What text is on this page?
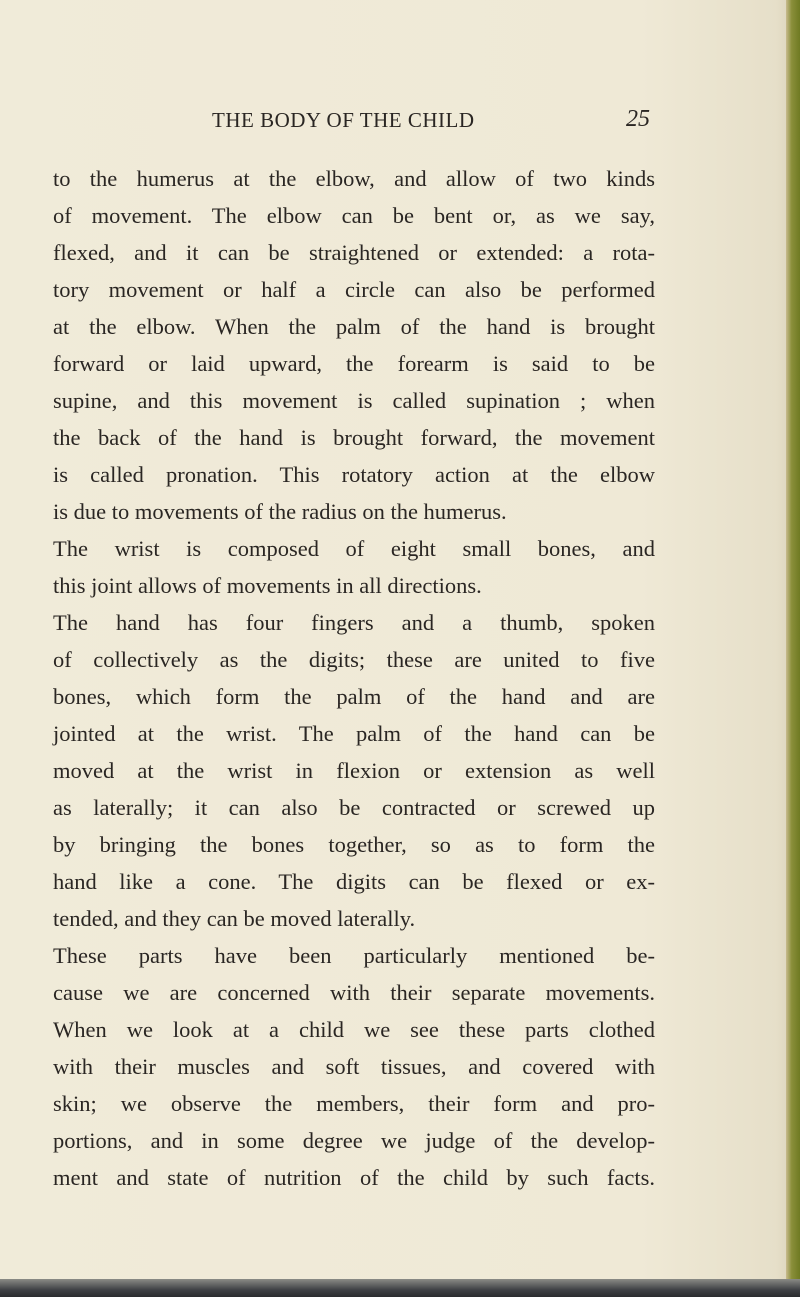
THE BODY OF THE CHILD	25
to the humerus at the elbow, and allow of two kinds
of movement. The elbow can be bent or, as we say,
flexed, and it can be straightened or extended: a rota-
tory movement or half a circle can also be performed
at the elbow. When the palm of the hand is brought
forward or laid upward, the forearm is said to be
supine, and this movement is called supination ; when
the back of the hand is brought forward, the movement
is called pronation. This rotatory action at the elbow
is due to movements of the radius on the humerus.
The wrist is composed of eight small bones, and
this joint allows of movements in all directions.
The hand has four fingers and a thumb, spoken
of collectively as the digits; these are united to five
bones, which form the palm of the hand and are
jointed at the wrist. The palm of the hand can be
moved at the wrist in flexion or extension as well
as laterally; it can also be contracted or screwed up
by bringing the bones together, so as to form the
hand like a cone. The digits can be flexed or ex-
tended, and they can be moved laterally.
These parts have been particularly mentioned be-
cause we are concerned with their separate movements.
When we look at a child we see these parts clothed
with their muscles and soft tissues, and covered with
skin; we observe the members, their form and pro-
portions, and in some degree we judge of the develop-
ment and state of nutrition of the child by such facts.
